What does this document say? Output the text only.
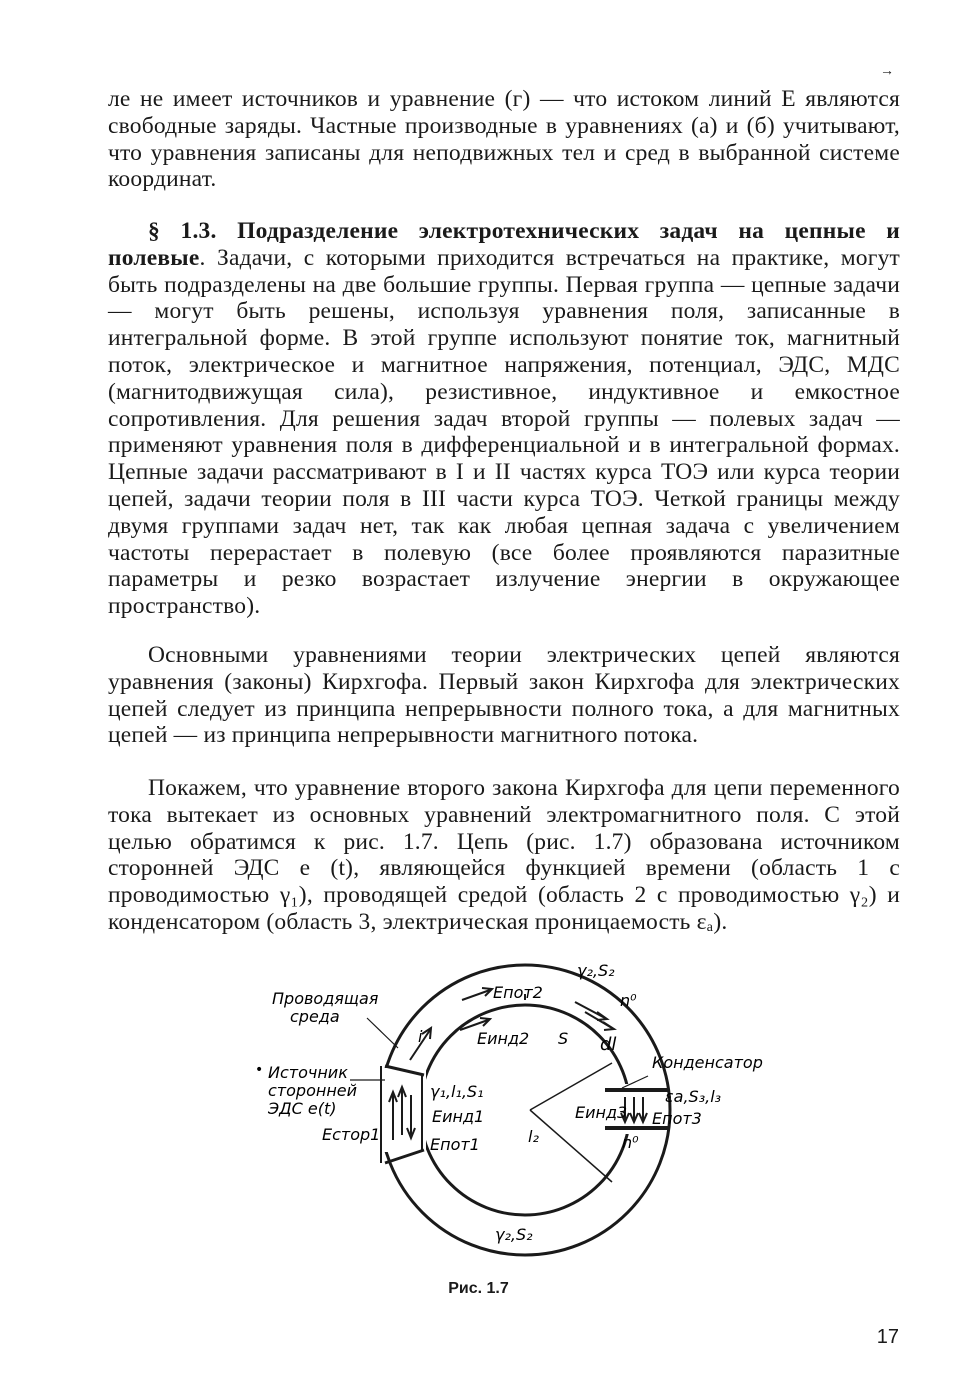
→

ле не имеет источников и уравнение (г) — что истоком линий E являются свободные заряды. Частные производные в уравнениях (а) и (б) учитывают, что уравнения записаны для неподвижных тел и сред в выбранной системе координат.

§ 1.3. Подразделение электротехнических задач на цепные и полевые. Задачи, с которыми приходится встречаться на практике, могут быть подразделены на две большие группы. Первая группа — цепные задачи — могут быть решены, используя уравнения поля, записанные в интегральной форме. В этой группе используют понятие ток, магнитный поток, электрическое и магнитное напряжения, потенциал, ЭДС, МДС (магнитодвижущая сила), резистивное, индуктивное и емкостное сопротивления. Для решения задач второй группы — полевых задач — применяют уравнения поля в дифференциальной и в интегральной формах. Цепные задачи рассматривают в I и II частях курса ТОЭ или курса теории цепей, задачи теории поля в III части курса ТОЭ. Четкой границы между двумя группами задач нет, так как любая цепная задача с увеличением частоты перерастает в полевую (все более проявляются паразитные параметры и резко возрастает излучение энергии в окружающее пространство).

Основными уравнениями теории электрических цепей являются уравнения (законы) Кирхгофа. Первый закон Кирхгофа для электрических цепей следует из принципа непрерывности полного тока, а для магнитных цепей — из принципа непрерывности магнитного потока.

Покажем, что уравнение второго закона Кирхгофа для цепи переменного тока вытекает из основных уравнений электромагнитного поля. С этой целью обратимся к рис. 1.7. Цепь (рис. 1.7) образована источником сторонней ЭДС e (t), являющейся функцией времени (область 1 с проводимостью γ₁), проводящей средой (область 2 с проводимостью γ₂) и конденсатором (область 3, электрическая проницаемость εₐ).

Проводящая
среда
Источник
сторонней
ЭДС e(t)
•
Eстор1
γ₁,l₁,S₁
Eинд1
Eпот1
i
Eпот2
Eинд2
γ₂,S₂
n⁰
S dl
Конденсатор
εa,S₃,l₃
Eинд3 Eпот3
n⁰
l₂
γ₂,S₂
Рис. 1.7
17
